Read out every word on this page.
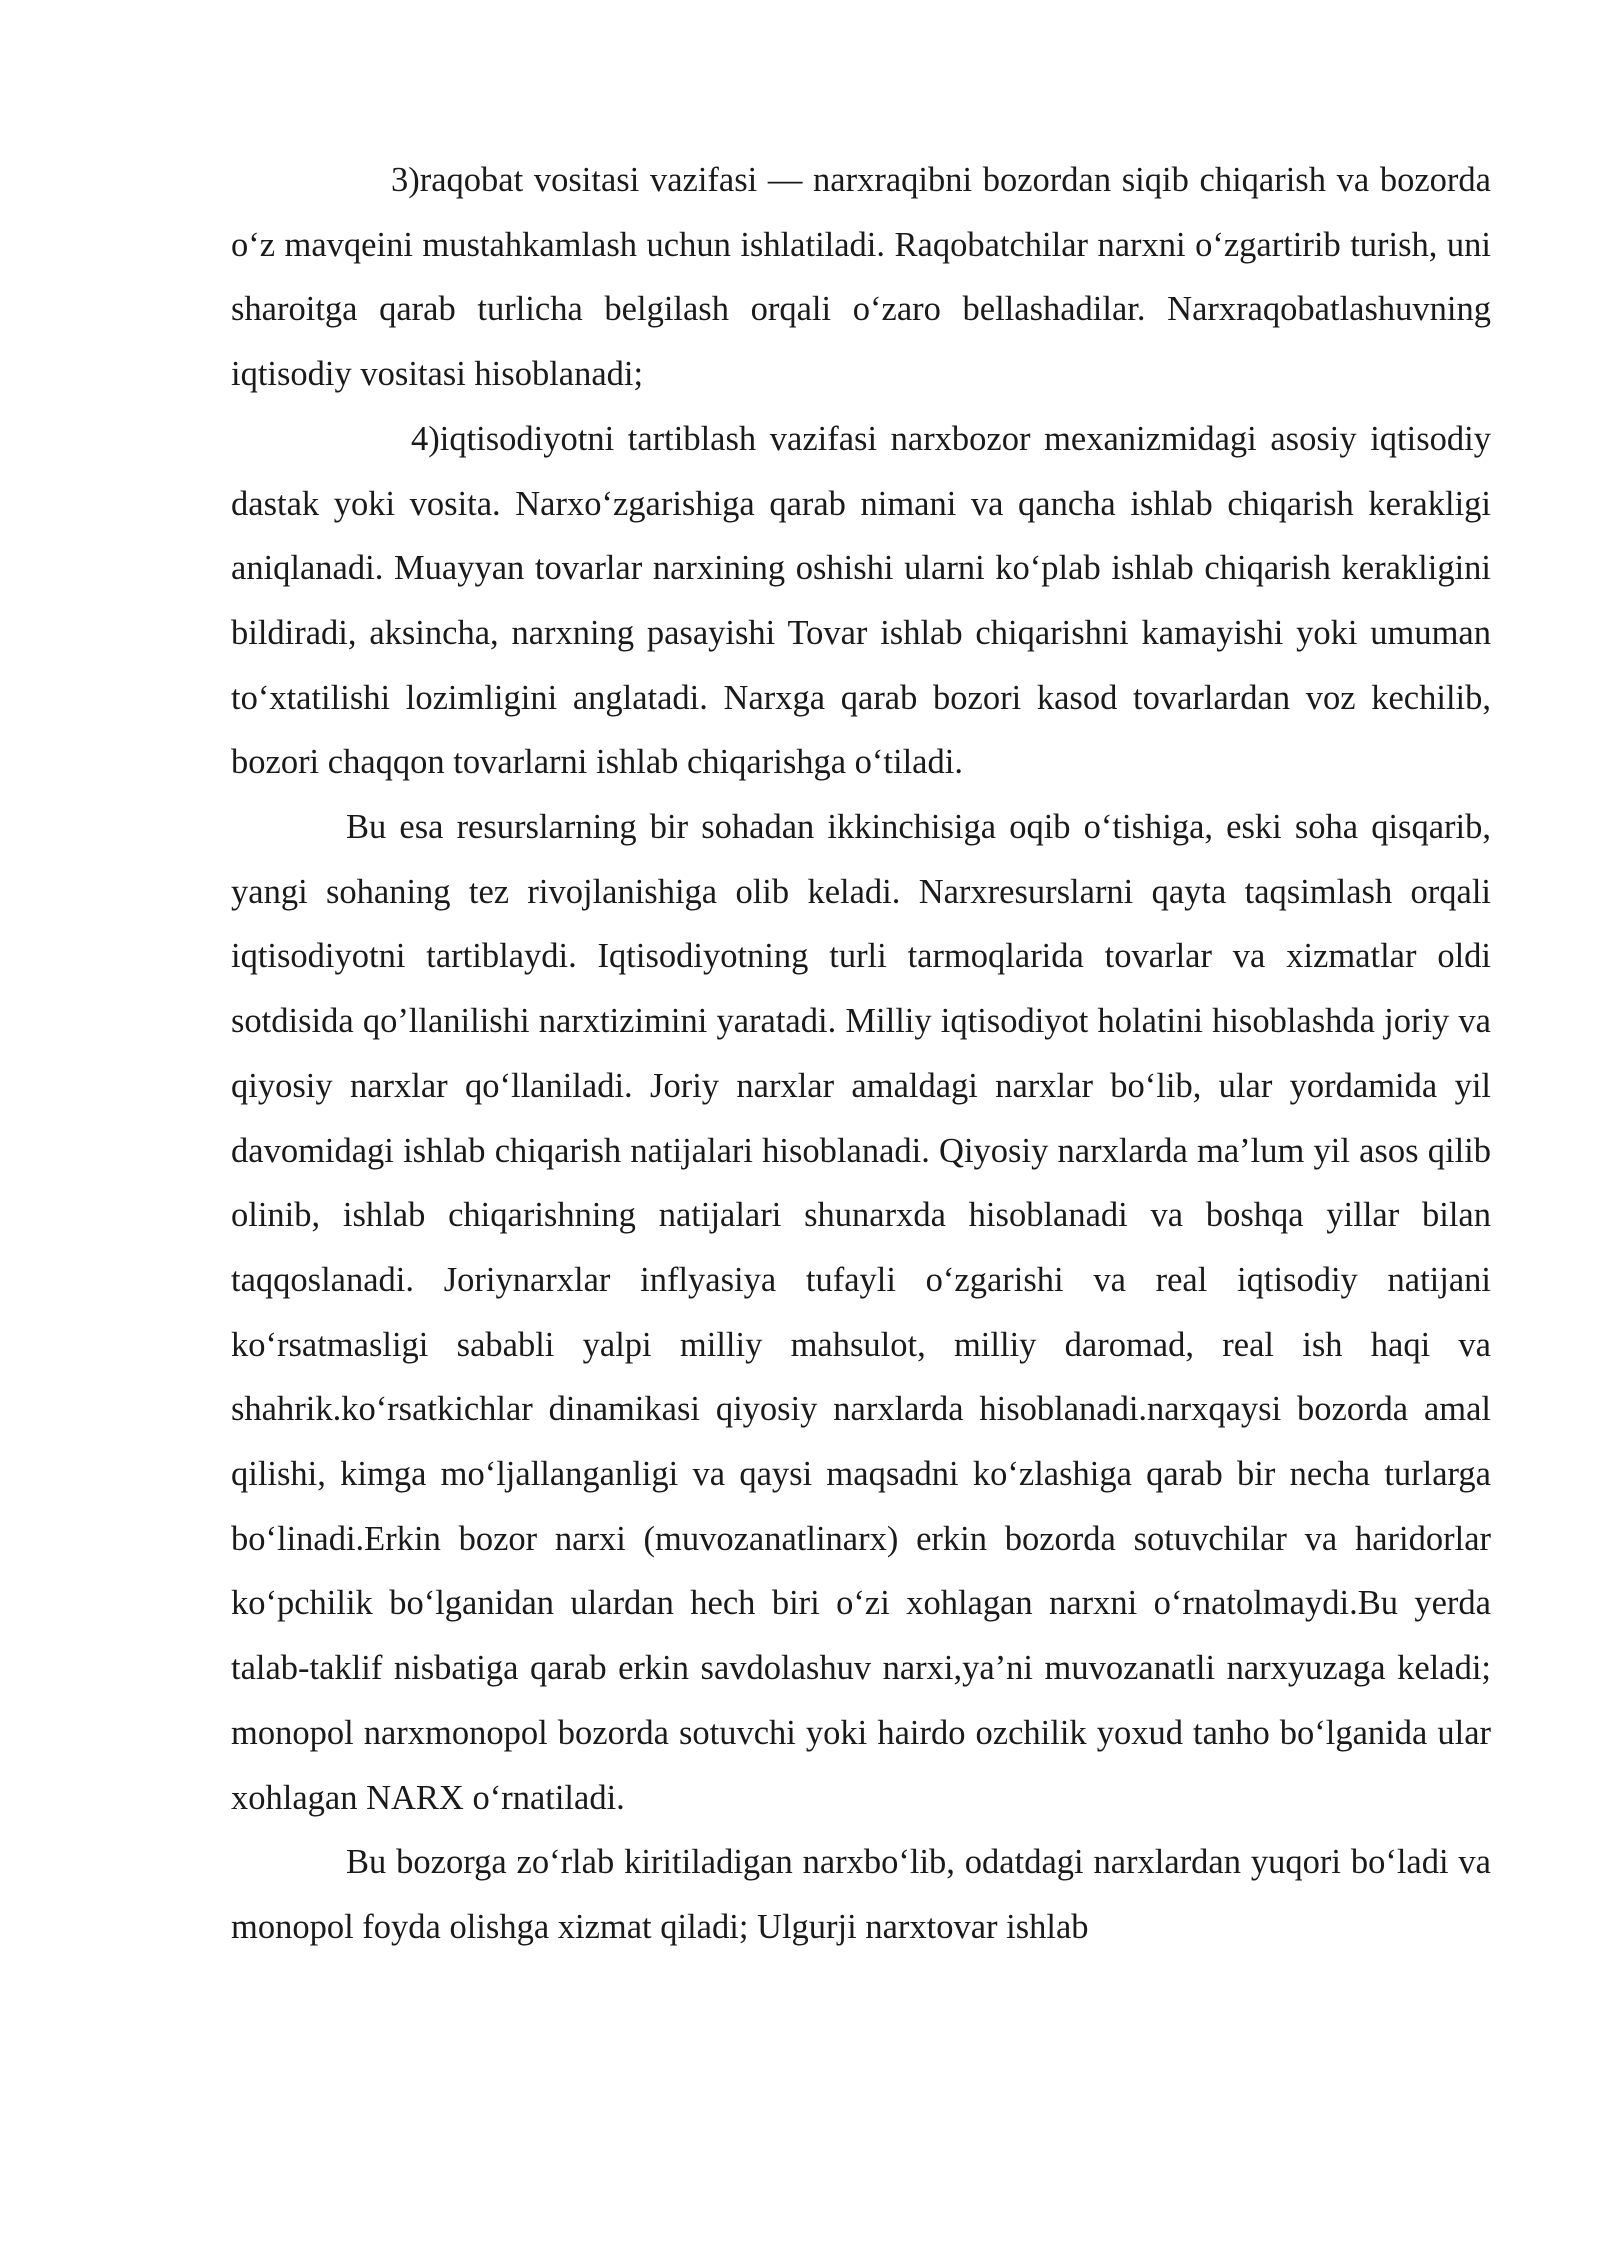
3)raqobat vositasi vazifasi — narxraqibni bozordan siqib chiqarish va bozorda o‘z mavqeini mustahkamlash uchun ishlatiladi. Raqobatchilar narxni o‘zgartirib turish, uni sharoitga qarab turlicha belgilash orqali o‘zaro bellashadilar. Narxraqobatlashuvning iqtisodiy vositasi hisoblanadi;

4)iqtisodiyotni tartiblash vazifasi narxbozor mexanizmidagi asosiy iqtisodiy dastak yoki vosita. Narxo‘zgarishiga qarab nimani va qancha ishlab chiqarish kerakligi aniqlanadi. Muayyan tovarlar narxining oshishi ularni ko‘plab ishlab chiqarish kerakligini bildiradi, aksincha, narxning pasayishi Tovar ishlab chiqarishni kamayishi yoki umuman to‘xtatilishi lozimligini anglatadi. Narxga qarab bozori kasod tovarlardan voz kechilib, bozori chaqqon tovarlarni ishlab chiqarishga o‘tiladi.

Bu esa resurslarning bir sohadan ikkinchisiga oqib o‘tishiga, eski soha qisqarib, yangi sohaning tez rivojlanishiga olib keladi. Narxresurslarni qayta taqsimlash orqali iqtisodiyotni tartiblaydi. Iqtisodiyotning turli tarmoqlarida tovarlar va xizmatlar oldi sotdisida qo’llanilishi narxtizimini yaratadi. Milliy iqtisodiyot holatini hisoblashda joriy va qiyosiy narxlar qo‘llaniladi. Joriy narxlar amaldagi narxlar bo‘lib, ular yordamida yil davomidagi ishlab chiqarish natijalari hisoblanadi. Qiyosiy narxlarda ma’lum yil asos qilib olinib, ishlab chiqarishning natijalari shunarxda hisoblanadi va boshqa yillar bilan taqqoslanadi. Joriynarxlar inflyasiya tufayli o‘zgarishi va real iqtisodiy natijani ko‘rsatmasligi sababli yalpi milliy mahsulot, milliy daromad, real ish haqi va shahrik.ko‘rsatkichlar dinamikasi qiyosiy narxlarda hisoblanadi.narxqaysi bozorda amal qilishi, kimga mo‘ljallanganligi va qaysi maqsadni ko‘zlashiga qarab bir necha turlarga bo‘linadi.Erkin bozor narxi (muvozanatlinarx) erkin bozorda sotuvchilar va haridorlar ko‘pchilik bo‘lganidan ulardan hech biri o‘zi xohlagan narxni o‘rnatolmaydi.Bu yerda talab-taklif nisbatiga qarab erkin savdolashuv narxi,ya’ni muvozanatli narxyuzaga keladi; monopol narxmonopol bozorda sotuvchi yoki hairdo ozchilik yoxud tanho bo‘lganida ular xohlagan NARX o‘rnatiladi.

Bu bozorga zo‘rlab kiritiladigan narxbo‘lib, odatdagi narxlardan yuqori bo‘ladi va monopol foyda olishga xizmat qiladi; Ulgurji narxtovar ishlab
